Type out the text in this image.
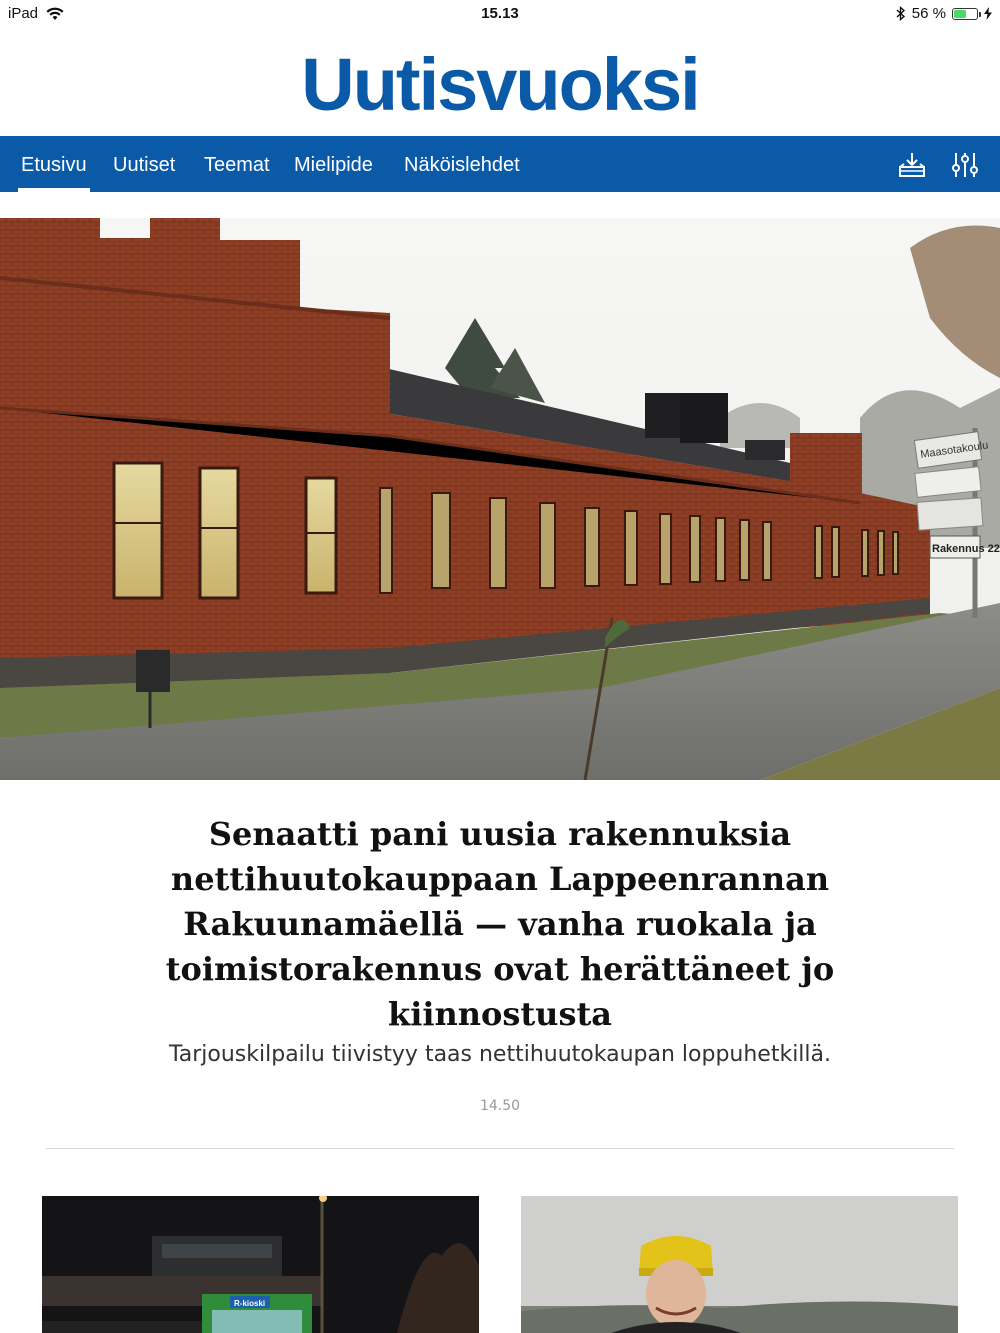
iPad	15.13	56 %
Uutisvuoksi
Etusivu Uutiset Teemat Mielipide Näköislehdet
Maasotakoulu
Rakennus 22
Senaatti pani uusia rakennuksia nettihuutokauppaan Lappeenrannan Rakuunamäellä — vanha ruokala ja toimistorakennus ovat herättäneet jo kiinnostusta
Tarjouskilpailu tiivistyy taas nettihuutokaupan loppuhetkillä.
14.50
R-kioski
